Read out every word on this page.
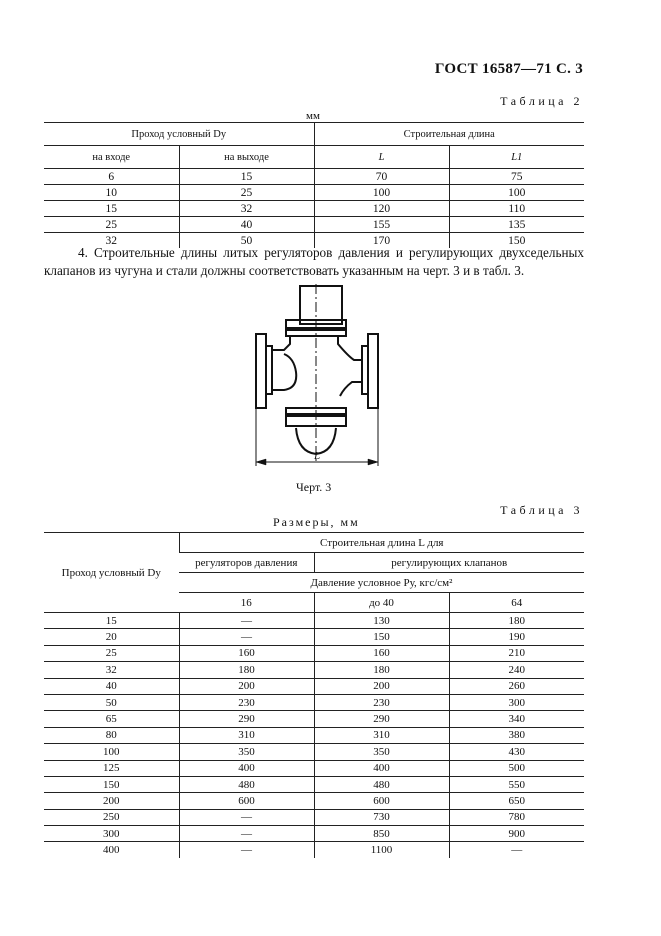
ГОСТ 16587—71 С. 3
Таблица 2
мм
Проход условный Dу		Строительная длина	
на входе	на выходе	L	L1
6	15	70	75
10	25	100	100
15	32	120	110
25	40	155	135
32	50	170	150
4. Строительные длины литых регуляторов давления и регулирующих двухседельных клапанов из чугуна и стали должны соответствовать указанным на черт. 3 и в табл. 3.
L
Черт. 3
Таблица 3
Размеры, мм
Проход условный Dу	Строительная длина L для		
	регуляторов давления	регулирующих клапанов	
	Давление условное Pу, кгс/см²		
	16	до 40	64
15	—	130	180
20	—	150	190
25	160	160	210
32	180	180	240
40	200	200	260
50	230	230	300
65	290	290	340
80	310	310	380
100	350	350	430
125	400	400	500
150	480	480	550
200	600	600	650
250	—	730	780
300	—	850	900
400	—	1100	—
